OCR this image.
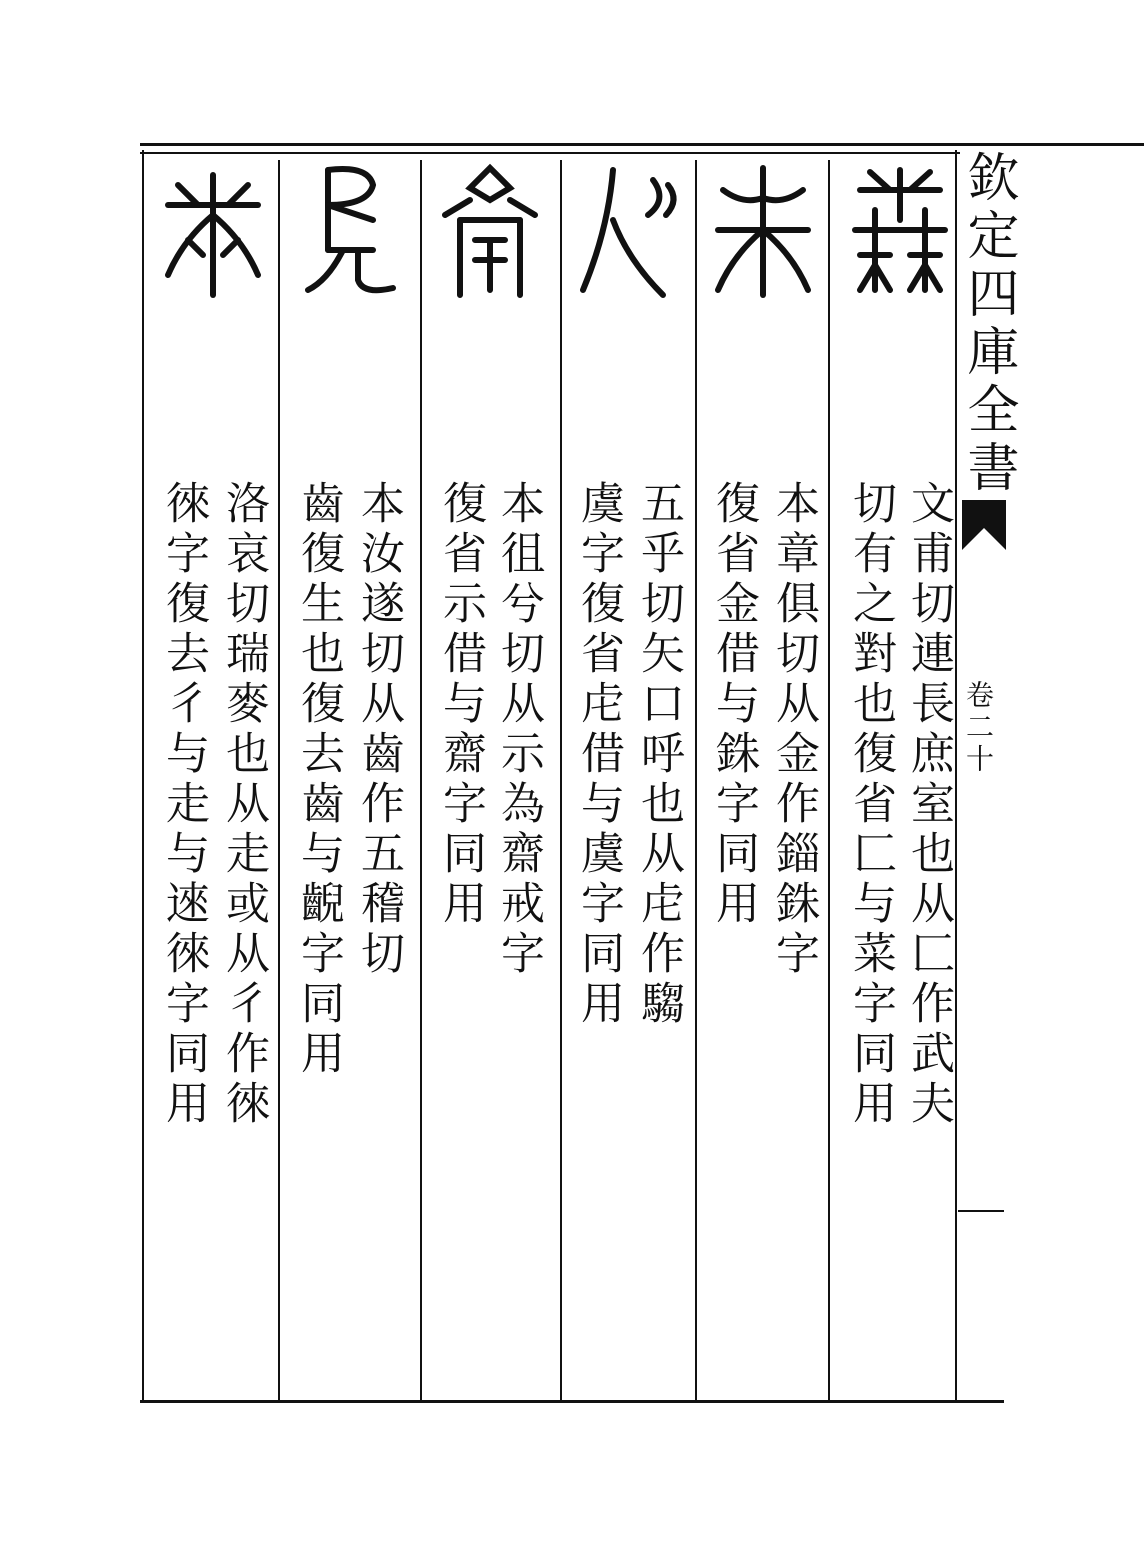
欽定四庫全書
卷二十
文甫切連長庶室也从匚作武夫
切有之對也復省匚与菜字同用
本章俱切从金作錙銖字
復省金借与銖字同用
五乎切矢口呼也从虍作騶
虞字復省虍借与虞字同用
本徂兮切从示為齋戒字
復省示借与齋字同用
本汝遂切从齒作五稽切
齒復生也復去齒与齯字同用
洛哀切瑞麥也从走或从彳作徠
徠字復去彳与走与逨徠字同用
